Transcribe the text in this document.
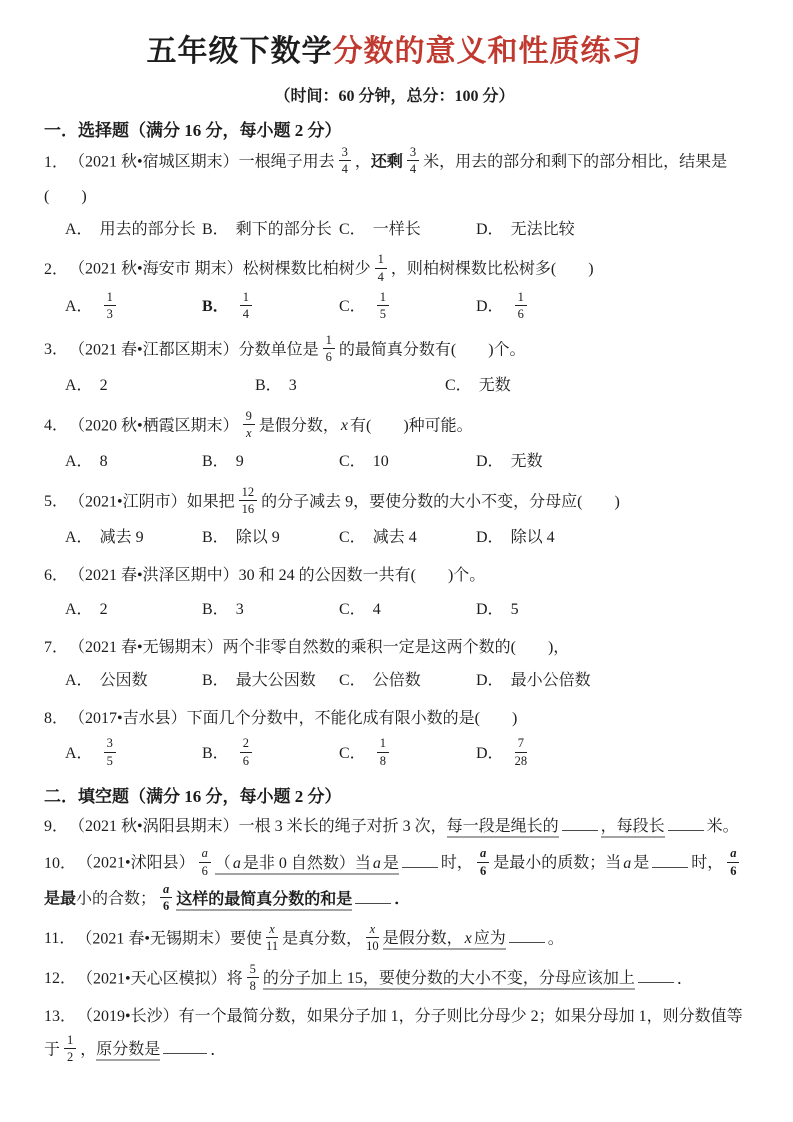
五年级下数学分数的意义和性质练习
（时间：60 分钟，总分：100 分）
一．选择题（满分 16 分，每小题 2 分）

1． （2021 秋•宿城区期末）一根绳子用去 $\frac{3}{4}$ ，还剩 $\frac{3}{4}$ 米，用去的部分和剩下的部分相比，结果是(　　)

A． 用去的部分长 B． 剩下的部分长 C． 一样长	D． 无法比较

2． （2021 秋•海安市 期末）松树棵数比柏树少 $\frac{1}{4}$ ，则柏树棵数比松树多(　　)

A． $\frac{1}{3}$	B． $\frac{1}{4}$	C． $\frac{1}{5}$	D． $\frac{1}{6}$

3． （2021 春•江都区期末）分数单位是 $\frac{1}{6}$ 的最简真分数有(　　)个。

A． 2	B． 3	C． 无数

4． （2020 秋•栖霞区期末） $\frac{9}{x}$ 是假分数， x 有(　　)种可能。

A． 8	B． 9	C． 10	D． 无数

5． （2021•江阴市）如果把 $\frac{12}{16}$ 的分子减去 9，要使分数的大小不变，分母应(　　)

A． 减去 9	B． 除以 9	C． 减去 4	D． 除以 4

6． （2021 春•洪泽区期中）30 和 24 的公因数一共有(　　)个。

A． 2	B． 3	C． 4	D． 5

7． （2021 春•无锡期末）两个非零自然数的乘积一定是这两个数的(　　)，

A． 公因数	B． 最大公因数	C． 公倍数	D． 最小公倍数

8． （2017•吉水县）下面几个分数中，不能化成有限小数的是(　　)

A． $\frac{3}{5}$	B． $\frac{2}{6}$	C． $\frac{1}{8}$	D． $\frac{7}{28}$
二．填空题（满分 16 分，每小题 2 分）

9． （2021 秋•涡阳县期末）一根 3 米长的绳子对折 3 次，每一段是绳长的	，每段长	米。

10． （2021•沭阳县） $\frac{a}{6}$ （ a 是非 0 自然数）当 a 是	时， $\frac{a}{6}$ 是最小的质数；当 a 是	时， $\frac{a}{6}$
是最小的合数； $\frac{a}{6}$ 这样的最简真分数的和是	．

11． （2021 春•无锡期末）要使 $\frac{x}{11}$ 是真分数， $\frac{x}{10}$ 是假分数， x 应为	。

12． （2021•天心区模拟）将 $\frac{5}{8}$ 的分子加上 15，要使分数的大小不变，分母应该加上	．

13． （2019•长沙）有一个最简分数，如果分子加 1，分子则比分母少 2；如果分母加 1，则分数值等于 $\frac{1}{2}$ ，原分数是	．
